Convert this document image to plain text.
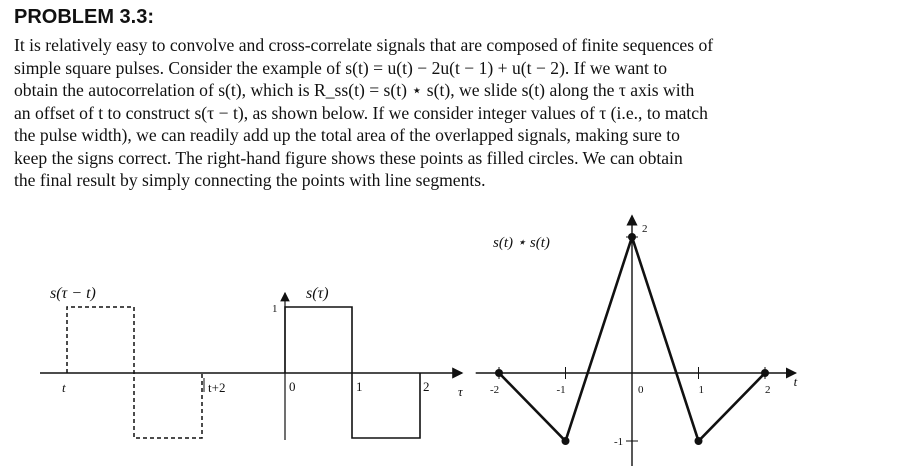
PROBLEM 3.3:
It is relatively easy to convolve and cross-correlate signals that are composed of finite sequences of
simple square pulses. Consider the example of s(t) = u(t) − 2u(t − 1) + u(t − 2). If we want to
obtain the autocorrelation of s(t), which is R_ss(t) = s(t) ⋆ s(t), we slide s(t) along the τ axis with
an offset of t to construct s(τ − t), as shown below. If we consider integer values of τ (i.e., to match
the pulse width), we can readily add up the total area of the overlapped signals, making sure to
keep the signs correct. The right-hand figure shows these points as filled circles. We can obtain
the final result by simply connecting the points with line segments.
τ
1
s(τ)
s(τ − t)
t	t+2	0	1	2	t
s(t) ⋆ s(t)
-2	-1	0	1	2
2
-1
